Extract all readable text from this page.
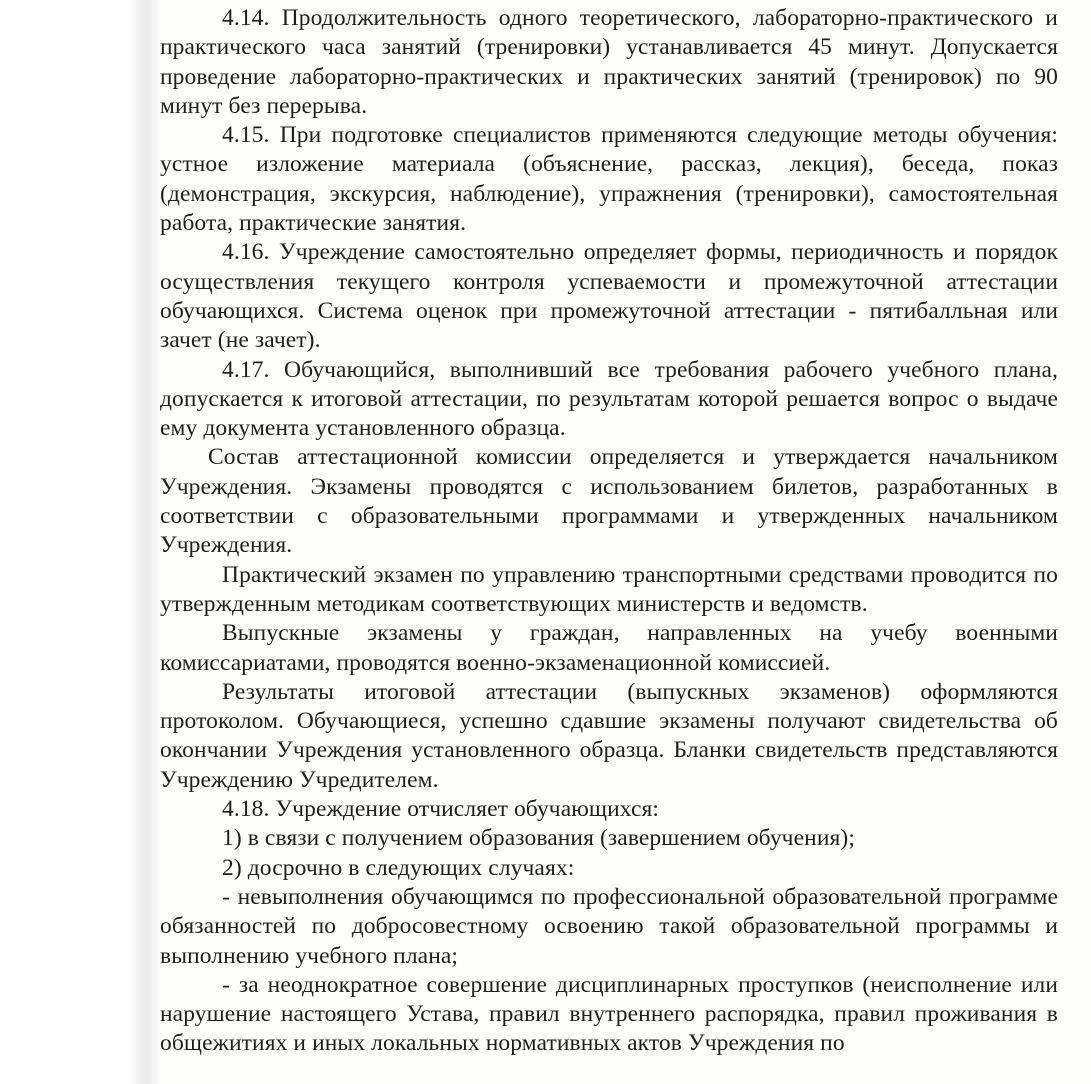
4.14. Продолжительность одного теоретического, лабораторно-практического и практического часа занятий (тренировки) устанавливается 45 минут. Допускается проведение лабораторно-практических и практических занятий (тренировок) по 90 минут без перерыва.

4.15. При подготовке специалистов применяются следующие методы обучения: устное изложение материала (объяснение, рассказ, лекция), беседа, показ (демонстрация, экскурсия, наблюдение), упражнения (тренировки), самостоятельная работа, практические занятия.

4.16. Учреждение самостоятельно определяет формы, периодичность и порядок осуществления текущего контроля успеваемости и промежуточной аттестации обучающихся. Система оценок при промежуточной аттестации - пятибалльная или зачет (не зачет).

4.17. Обучающийся, выполнивший все требования рабочего учебного плана, допускается к итоговой аттестации, по результатам которой решается вопрос о выдаче ему документа установленного образца.

Состав аттестационной комиссии определяется и утверждается начальником Учреждения. Экзамены проводятся с использованием билетов, разработанных в соответствии с образовательными программами и утвержденных начальником Учреждения.

Практический экзамен по управлению транспортными средствами проводится по утвержденным методикам соответствующих министерств и ведомств.

Выпускные экзамены у граждан, направленных на учебу военными комиссариатами, проводятся военно-экзаменационной комиссией.

Результаты итоговой аттестации (выпускных экзаменов) оформляются протоколом. Обучающиеся, успешно сдавшие экзамены получают свидетельства об окончании Учреждения установленного образца. Бланки свидетельств представляются Учреждению Учредителем.

4.18. Учреждение отчисляет обучающихся:

1) в связи с получением образования (завершением обучения);

2) досрочно в следующих случаях:

- невыполнения обучающимся по профессиональной образовательной программе обязанностей по добросовестному освоению такой образовательной программы и выполнению учебного плана;

- за неоднократное совершение дисциплинарных проступков (неисполнение или нарушение настоящего Устава, правил внутреннего распорядка, правил проживания в общежитиях и иных локальных нормативных актов Учреждения по
